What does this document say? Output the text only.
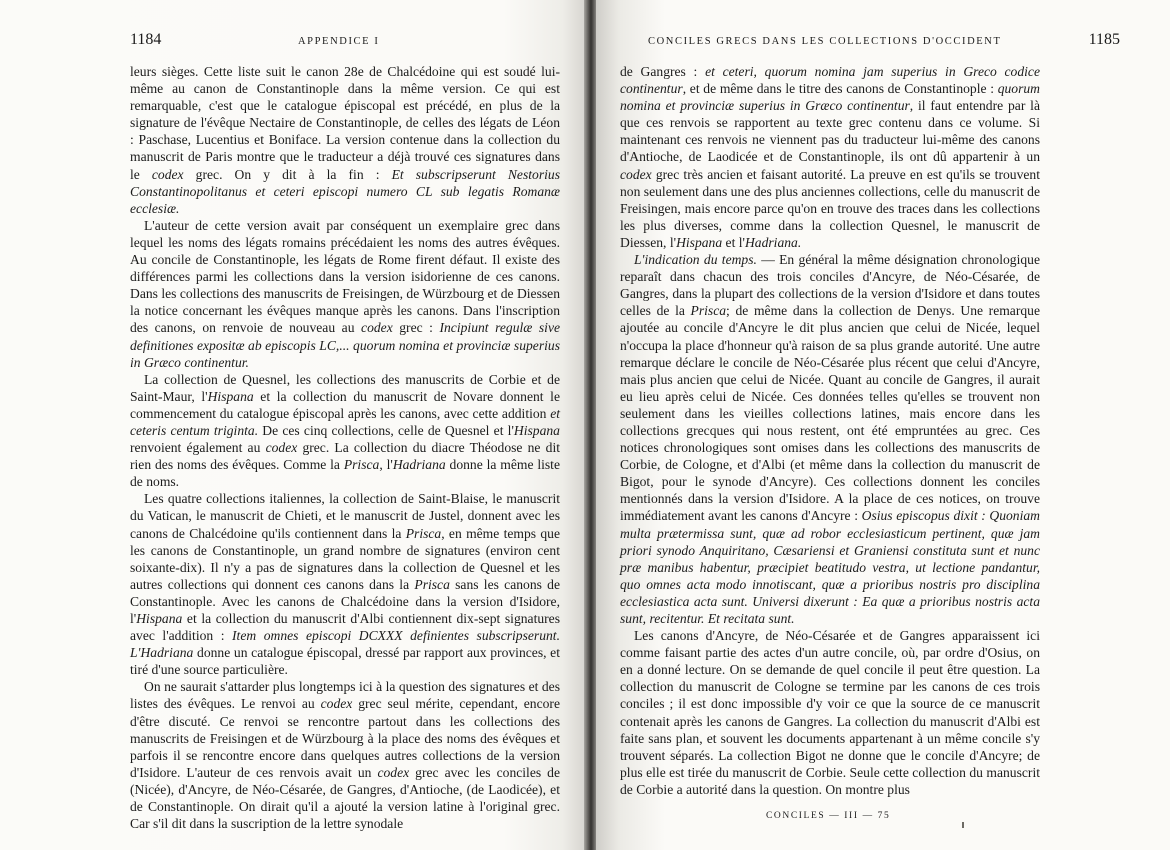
1184	APPENDICE I

leurs sièges. Cette liste suit le canon 28e de Chalcédoine qui est soudé lui-même au canon de Constantinople dans la même version. Ce qui est remarquable, c'est que le catalogue épiscopal est précédé, en plus de la signature de l'évêque Nectaire de Constantinople, de celles des légats de Léon : Paschase, Lucentius et Boniface. La version contenue dans la collection du manuscrit de Paris montre que le traducteur a déjà trouvé ces signatures dans le codex grec. On y dit à la fin : Et subscripserunt Nestorius Constantinopolitanus et ceteri episcopi numero CL sub legatis Romanæ ecclesiæ.

L'auteur de cette version avait par conséquent un exemplaire grec dans lequel les noms des légats romains précédaient les noms des autres évêques. Au concile de Constantinople, les légats de Rome firent défaut. Il existe des différences parmi les collections dans la version isidorienne de ces canons. Dans les collections des manuscrits de Freisingen, de Würzbourg et de Diessen la notice concernant les évêques manque après les canons. Dans l'inscription des canons, on renvoie de nouveau au codex grec : Incipiunt regulæ sive definitiones expositæ ab episcopis LC,... quorum nomina et provinciæ superius in Græco continentur.

La collection de Quesnel, les collections des manuscrits de Corbie et de Saint-Maur, l'Hispana et la collection du manuscrit de Novare donnent le commencement du catalogue épiscopal après les canons, avec cette addition et ceteris centum triginta. De ces cinq collections, celle de Quesnel et l'Hispana renvoient également au codex grec. La collection du diacre Théodose ne dit rien des noms des évêques. Comme la Prisca, l'Hadriana donne la même liste de noms.

Les quatre collections italiennes, la collection de Saint-Blaise, le manuscrit du Vatican, le manuscrit de Chieti, et le manuscrit de Justel, donnent avec les canons de Chalcédoine qu'ils contiennent dans la Prisca, en même temps que les canons de Constantinople, un grand nombre de signatures (environ cent soixante-dix). Il n'y a pas de signatures dans la collection de Quesnel et les autres collections qui donnent ces canons dans la Prisca sans les canons de Constantinople. Avec les canons de Chalcédoine dans la version d'Isidore, l'Hispana et la collection du manuscrit d'Albi contiennent dix-sept signatures avec l'addition : Item omnes episcopi DCXXX definientes subscripserunt. L'Hadriana donne un catalogue épiscopal, dressé par rapport aux provinces, et tiré d'une source particulière.

On ne saurait s'attarder plus longtemps ici à la question des signatures et des listes des évêques. Le renvoi au codex grec seul mérite, cependant, encore d'être discuté. Ce renvoi se rencontre partout dans les collections des manuscrits de Freisingen et de Würzbourg à la place des noms des évêques et parfois il se rencontre encore dans quelques autres collections de la version d'Isidore. L'auteur de ces renvois avait un codex grec avec les conciles de (Nicée), d'Ancyre, de Néo-Césarée, de Gangres, d'Antioche, (de Laodicée), et de Constantinople. On dirait qu'il a ajouté la version latine à l'original grec. Car s'il dit dans la suscription de la lettre synodale

CONCILES GRECS DANS LES COLLECTIONS D'OCCIDENT	1185

de Gangres : et ceteri, quorum nomina jam superius in Greco codice continentur, et de même dans le titre des canons de Constantinople : quorum nomina et provinciæ superius in Græco continentur, il faut entendre par là que ces renvois se rapportent au texte grec contenu dans ce volume. Si maintenant ces renvois ne viennent pas du traducteur lui-même des canons d'Antioche, de Laodicée et de Constantinople, ils ont dû appartenir à un codex grec très ancien et faisant autorité. La preuve en est qu'ils se trouvent non seulement dans une des plus anciennes collections, celle du manuscrit de Freisingen, mais encore parce qu'on en trouve des traces dans les collections les plus diverses, comme dans la collection Quesnel, le manuscrit de Diessen, l'Hispana et l'Hadriana.

L'indication du temps. — En général la même désignation chronologique reparaît dans chacun des trois conciles d'Ancyre, de Néo-Césarée, de Gangres, dans la plupart des collections de la version d'Isidore et dans toutes celles de la Prisca; de même dans la collection de Denys. Une remarque ajoutée au concile d'Ancyre le dit plus ancien que celui de Nicée, lequel n'occupa la place d'honneur qu'à raison de sa plus grande autorité. Une autre remarque déclare le concile de Néo-Césarée plus récent que celui d'Ancyre, mais plus ancien que celui de Nicée. Quant au concile de Gangres, il aurait eu lieu après celui de Nicée. Ces données telles qu'elles se trouvent non seulement dans les vieilles collections latines, mais encore dans les collections grecques qui nous restent, ont été empruntées au grec. Ces notices chronologiques sont omises dans les collections des manuscrits de Corbie, de Cologne, et d'Albi (et même dans la collection du manuscrit de Bigot, pour le synode d'Ancyre). Ces collections donnent les conciles mentionnés dans la version d'Isidore. A la place de ces notices, on trouve immédiatement avant les canons d'Ancyre : Osius episcopus dixit : Quoniam multa prætermissa sunt, quæ ad robor ecclesiasticum pertinent, quæ jam priori synodo Anquiritano, Cæsariensi et Graniensi constituta sunt et nunc præ manibus habentur, præcipiet beatitudo vestra, ut lectione pandantur, quo omnes acta modo innotiscant, quæ a prioribus nostris pro disciplina ecclesiastica acta sunt. Universi dixerunt : Ea quæ a prioribus nostris acta sunt, recitentur. Et recitata sunt.

Les canons d'Ancyre, de Néo-Césarée et de Gangres apparaissent ici comme faisant partie des actes d'un autre concile, où, par ordre d'Osius, on en a donné lecture. On se demande de quel concile il peut être question. La collection du manuscrit de Cologne se termine par les canons de ces trois conciles ; il est donc impossible d'y voir ce que la source de ce manuscrit contenait après les canons de Gangres. La collection du manuscrit d'Albi est faite sans plan, et souvent les documents appartenant à un même concile s'y trouvent séparés. La collection Bigot ne donne que le concile d'Ancyre; de plus elle est tirée du manuscrit de Corbie. Seule cette collection du manuscrit de Corbie a autorité dans la question. On montre plus

CONCILES — III — 75
